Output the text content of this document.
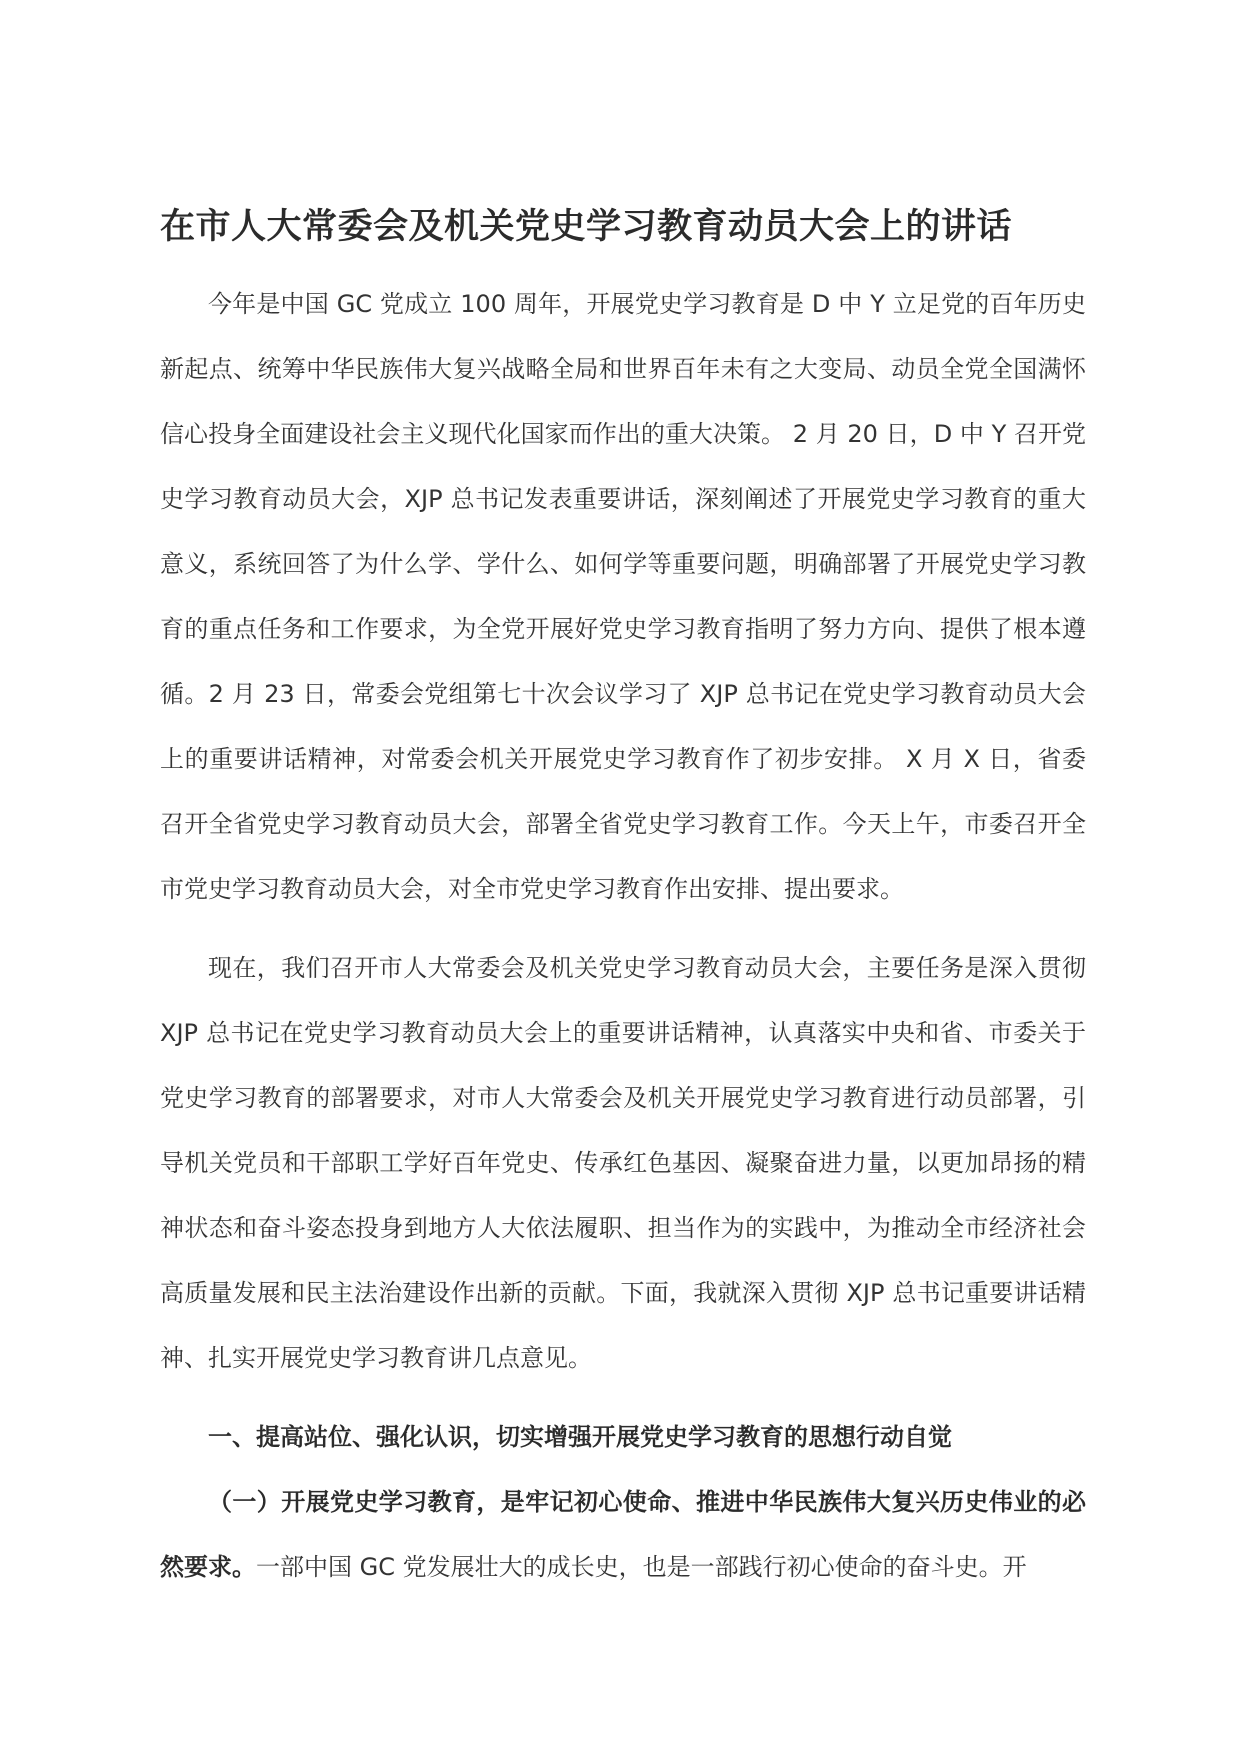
在市人大常委会及机关党史学习教育动员大会上的讲话

今年是中国 GC 党成立 100 周年，开展党史学习教育是 D 中 Y 立足党的百年历史新起点、统筹中华民族伟大复兴战略全局和世界百年未有之大变局、动员全党全国满怀信心投身全面建设社会主义现代化国家而作出的重大决策。 2 月 20 日，D 中 Y 召开党史学习教育动员大会，XJP 总书记发表重要讲话，深刻阐述了开展党史学习教育的重大意义，系统回答了为什么学、学什么、如何学等重要问题，明确部署了开展党史学习教育的重点任务和工作要求，为全党开展好党史学习教育指明了努力方向、提供了根本遵循。2 月 23 日，常委会党组第七十次会议学习了 XJP 总书记在党史学习教育动员大会上的重要讲话精神，对常委会机关开展党史学习教育作了初步安排。 X 月 X 日，省委召开全省党史学习教育动员大会，部署全省党史学习教育工作。今天上午，市委召开全市党史学习教育动员大会，对全市党史学习教育作出安排、提出要求。

现在，我们召开市人大常委会及机关党史学习教育动员大会，主要任务是深入贯彻 XJP 总书记在党史学习教育动员大会上的重要讲话精神，认真落实中央和省、市委关于党史学习教育的部署要求，对市人大常委会及机关开展党史学习教育进行动员部署，引导机关党员和干部职工学好百年党史、传承红色基因、凝聚奋进力量，以更加昂扬的精神状态和奋斗姿态投身到地方人大依法履职、担当作为的实践中，为推动全市经济社会高质量发展和民主法治建设作出新的贡献。下面，我就深入贯彻 XJP 总书记重要讲话精神、扎实开展党史学习教育讲几点意见。

一、提高站位、强化认识，切实增强开展党史学习教育的思想行动自觉

（一）开展党史学习教育，是牢记初心使命、推进中华民族伟大复兴历史伟业的必然要求。一部中国 GC 党发展壮大的成长史，也是一部践行初心使命的奋斗史。开
